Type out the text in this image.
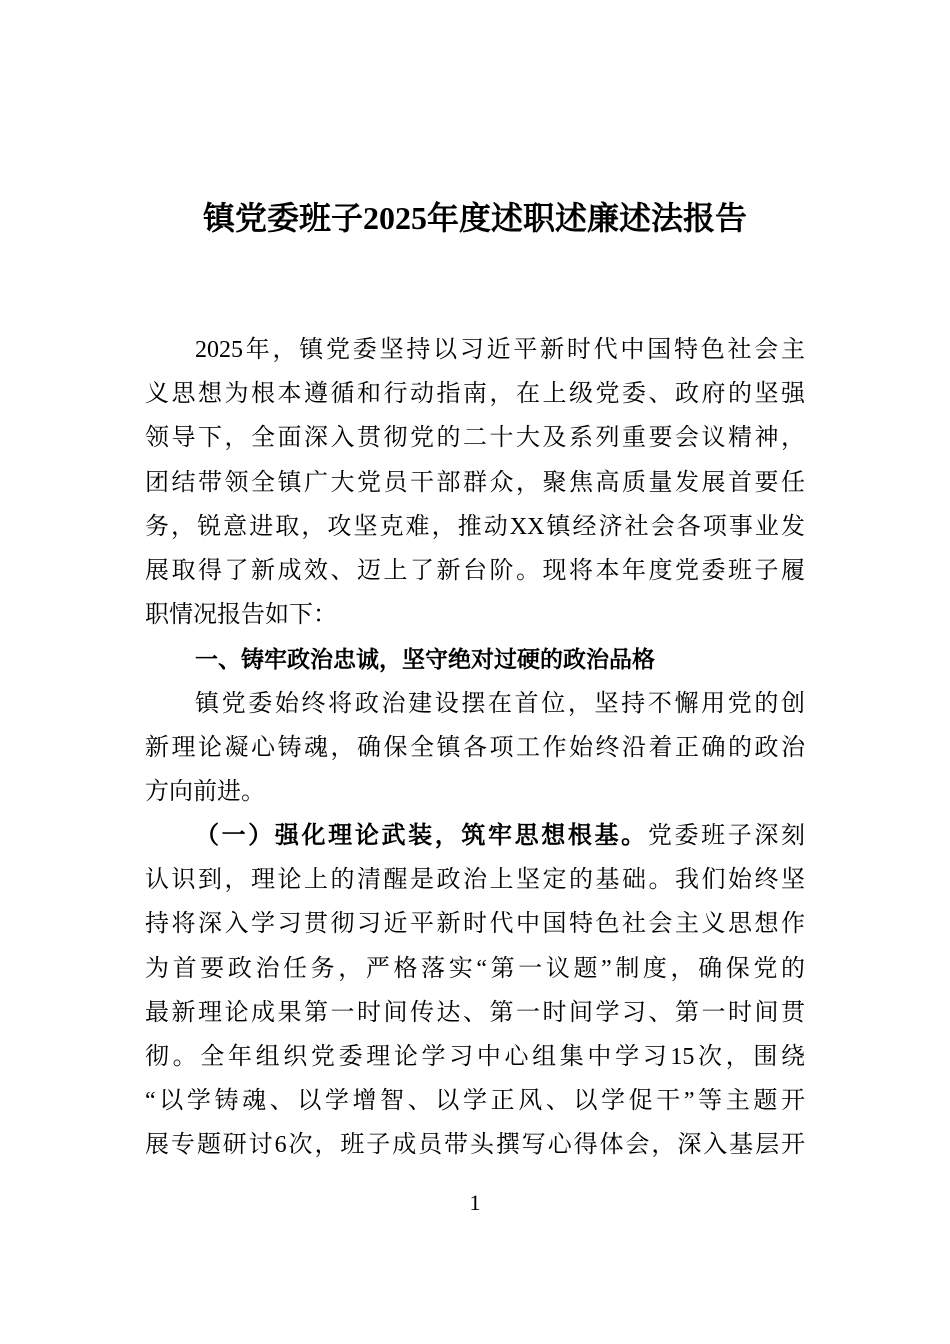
镇党委班子2025年度述职述廉述法报告
2025年，镇党委坚持以习近平新时代中国特色社会主
义思想为根本遵循和行动指南，在上级党委、政府的坚强
领导下，全面深入贯彻党的二十大及系列重要会议精神，
团结带领全镇广大党员干部群众，聚焦高质量发展首要任
务，锐意进取，攻坚克难，推动XX镇经济社会各项事业发
展取得了新成效、迈上了新台阶。现将本年度党委班子履
职情况报告如下：
一、铸牢政治忠诚，坚守绝对过硬的政治品格
镇党委始终将政治建设摆在首位，坚持不懈用党的创
新理论凝心铸魂，确保全镇各项工作始终沿着正确的政治
方向前进。
（一）强化理论武装，筑牢思想根基。党委班子深刻
认识到，理论上的清醒是政治上坚定的基础。我们始终坚
持将深入学习贯彻习近平新时代中国特色社会主义思想作
为首要政治任务，严格落实“第一议题”制度，确保党的
最新理论成果第一时间传达、第一时间学习、第一时间贯
彻。全年组织党委理论学习中心组集中学习15次，围绕
“以学铸魂、以学增智、以学正风、以学促干”等主题开
展专题研讨6次，班子成员带头撰写心得体会，深入基层开
1
